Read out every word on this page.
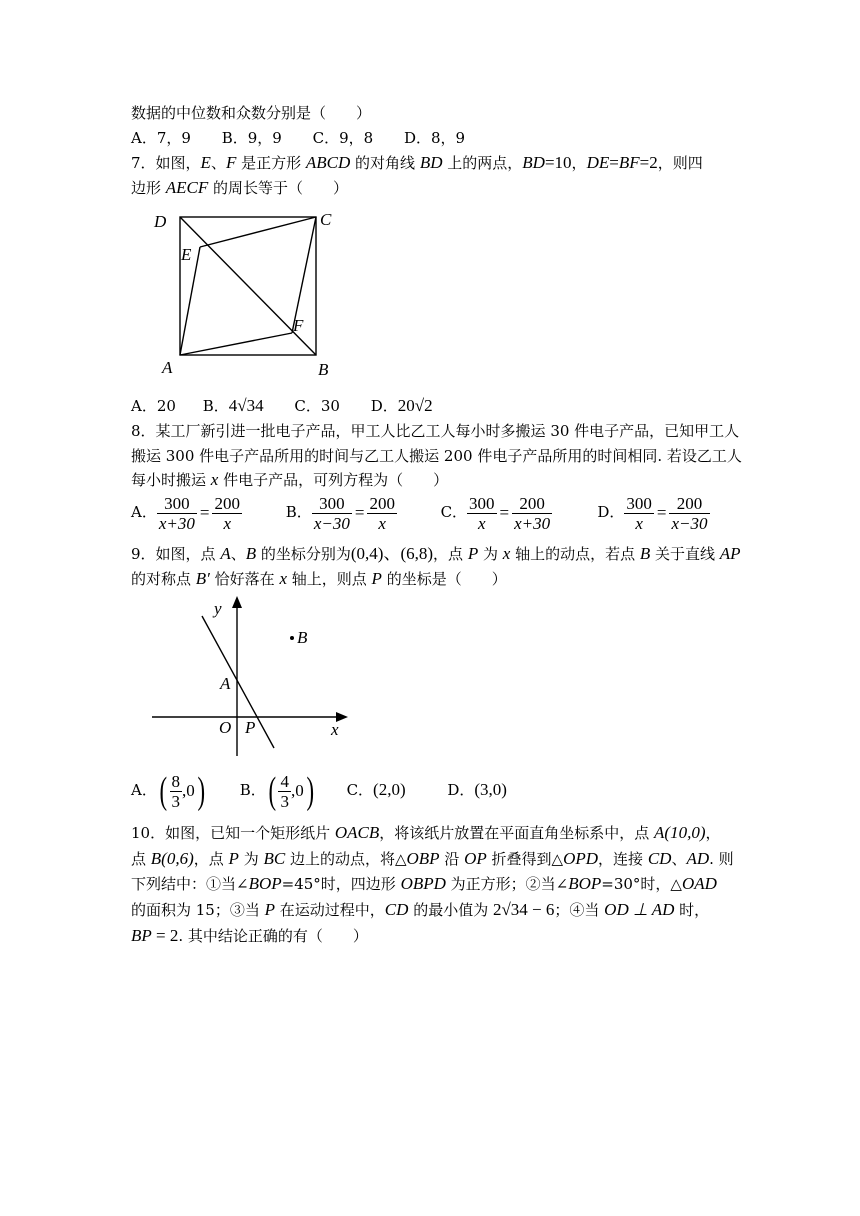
数据的中位数和众数分别是（　　）
A．7，9 B．9，9 C．9，8 D．8，9
7．如图，E、F 是正方形 ABCD 的对角线 BD 上的两点，BD=10，DE=BF=2，则四
边形 AECF 的周长等于（　　）
D	C
E
F
A	B
A．20 B．4√34 C．30 D．20√2
8．某工厂新引进一批电子产品，甲工人比乙工人每小时多搬运 30 件电子产品，已知甲工人
搬运 300 件电子产品所用的时间与乙工人搬运 200 件电子产品所用的时间相同. 若设乙工人
每小时搬运 x 件电子产品，可列方程为（　　）
A． $\frac{300}{x+30} = \frac{200}{x}$	B． $\frac{300}{x-30} = \frac{200}{x}$	C． $\frac{300}{x} = \frac{200}{x+30}$	D． $\frac{300}{x} = \frac{200}{x-30}$
9．如图，点 A、B 的坐标分别为(0,4)、(6,8)，点 P 为 x 轴上的动点，若点 B 关于直线 AP
的对称点 B′ 恰好落在 x 轴上，则点 P 的坐标是（　　）
y
B
A
O P	x
A．( $\frac{8}{3} ,0$) B．( $\frac{4}{3} ,0$) C．(2,0)	D．(3,0)
10．如图，已知一个矩形纸片 OACB，将该纸片放置在平面直角坐标系中，点 A(10,0)，
点 B(0,6)，点 P 为 BC 边上的动点，将△OBP 沿 OP 折叠得到△OPD，连接 CD、AD. 则
下列结中：①当∠BOP=45°时，四边形 OBPD 为正方形；②当∠BOP=30°时，△OAD
的面积为 15；③当 P 在运动过程中，CD 的最小值为 2√34 − 6；④当 OD ⊥ AD 时，
BP = 2. 其中结论正确的有（　　）
